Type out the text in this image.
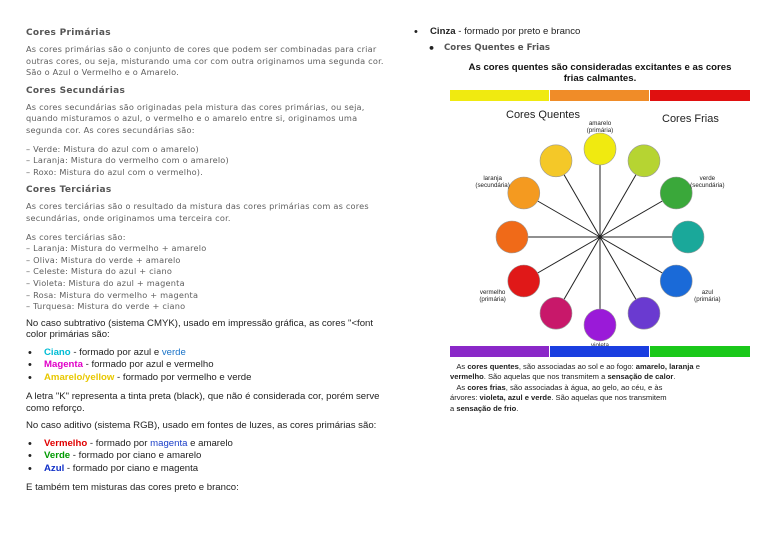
Cores Primárias
As cores primárias são o conjunto de cores que podem ser combinadas para criar
outras cores, ou seja, misturando uma cor com outra originamos uma segunda cor.
São o Azul o Vermelho e o Amarelo.
Cores Secundárias
As cores secundárias são originadas pela mistura das cores primárias, ou seja,
quando misturamos o azul, o vermelho e o amarelo entre si, originamos uma
segunda cor. As cores secundárias são:
– Verde: Mistura do azul com o amarelo)
– Laranja: Mistura do vermelho com o amarelo)
– Roxo: Mistura do azul com o vermelho).
Cores Terciárias
As cores terciárias são o resultado da mistura das cores primárias com as cores
secundárias, onde originamos uma terceira cor.
As cores terciárias são:
– Laranja: Mistura do vermelho + amarelo
– Oliva: Mistura do verde + amarelo
– Celeste: Mistura do azul + ciano
– Violeta: Mistura do azul + magenta
– Rosa: Mistura do vermelho + magenta
– Turquesa: Mistura do verde + ciano
No caso subtrativo (sistema CMYK), usado em impressão gráfica, as cores "<font
color primárias são:
• Ciano - formado por azul e verde
• Magenta - formado por azul e vermelho
• Amarelo/yellow - formado por vermelho e verde
A letra "K" representa a tinta preta (black), que não é considerada cor, porém serve
como reforço.
No caso aditivo (sistema RGB), usado em fontes de luzes, as cores primárias são:
• Vermelho - formado por magenta e amarelo
• Verde - formado por ciano e amarelo
• Azul - formado por ciano e magenta
E também tem misturas das cores preto e branco:
• Cinza - formado por preto e branco
• Cores Quentes e Frias
As cores quentes são consideradas excitantes e as cores
frias calmantes.
Cores Quentes	Cores Frias
amarelo
(primária)
verde
(secundária)
azul
(primária)
vermelho
(primária)
laranja
(secundária)
As cores quentes, são associadas ao sol e ao fogo: amarelo, laranja e
vermelho. São aquelas que nos transmitem a sensação de calor.
As cores frias, são associadas à água, ao gelo, ao céu, e às
árvores: violeta, azul e verde. São aquelas que nos transmitem
a sensação de frio.
